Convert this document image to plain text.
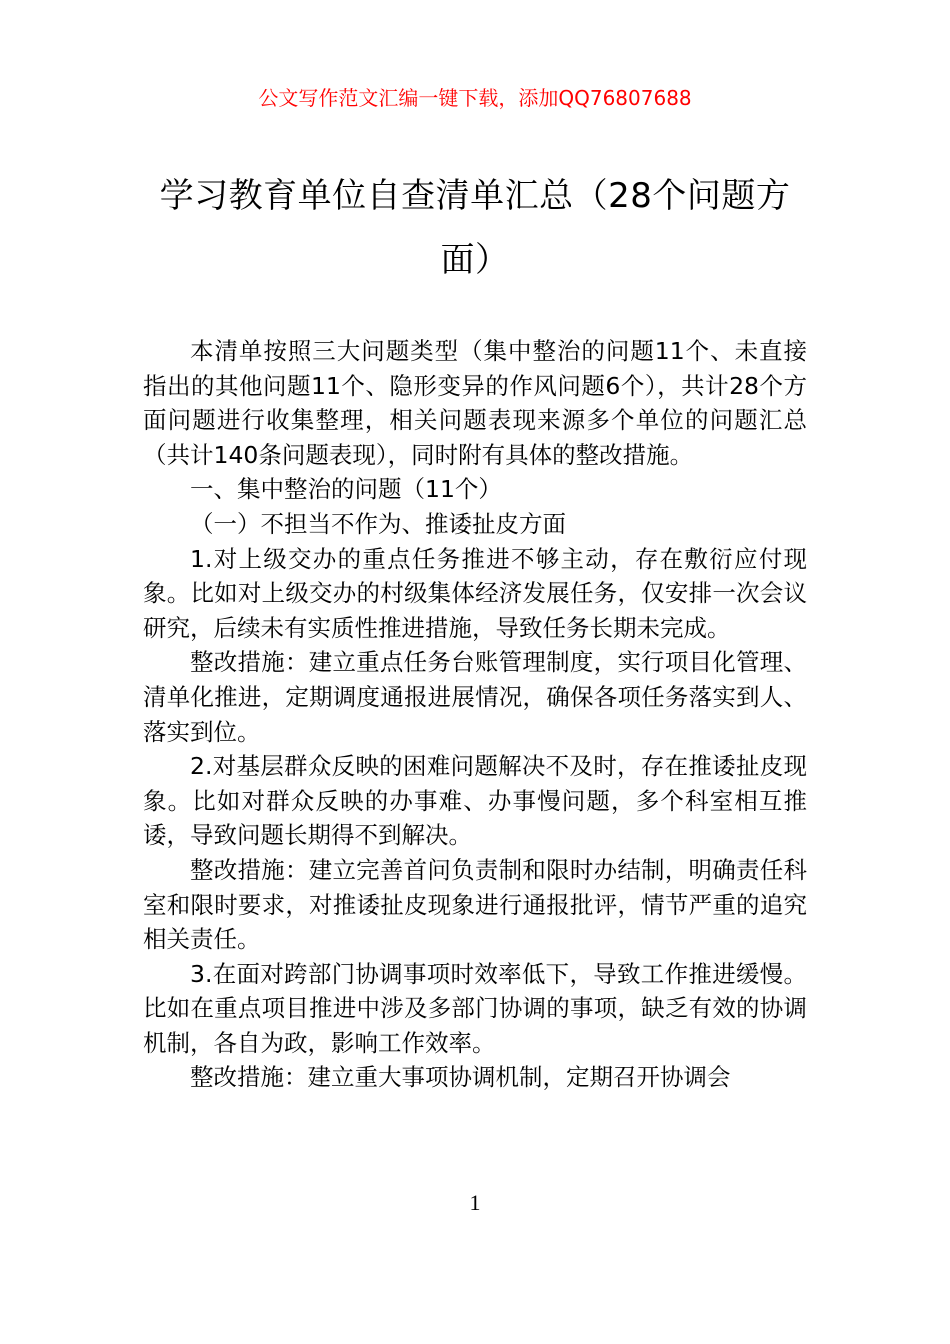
公文写作范文汇编一键下载，添加QQ76807688
学习教育单位自查清单汇总（28个问题方面）

本清单按照三大问题类型（集中整治的问题11个、未直接指出的其他问题11个、隐形变异的作风问题6个），共计28个方面问题进行收集整理，相关问题表现来源多个单位的问题汇总（共计140条问题表现），同时附有具体的整改措施。

一、集中整治的问题（11个）

（一）不担当不作为、推诿扯皮方面

1.对上级交办的重点任务推进不够主动，存在敷衍应付现象。比如对上级交办的村级集体经济发展任务，仅安排一次会议研究，后续未有实质性推进措施，导致任务长期未完成。

整改措施：建立重点任务台账管理制度，实行项目化管理、清单化推进，定期调度通报进展情况，确保各项任务落实到人、落实到位。

2.对基层群众反映的困难问题解决不及时，存在推诿扯皮现象。比如对群众反映的办事难、办事慢问题，多个科室相互推诿，导致问题长期得不到解决。

整改措施：建立完善首问负责制和限时办结制，明确责任科室和限时要求，对推诿扯皮现象进行通报批评，情节严重的追究相关责任。

3.在面对跨部门协调事项时效率低下，导致工作推进缓慢。比如在重点项目推进中涉及多部门协调的事项，缺乏有效的协调机制，各自为政，影响工作效率。

整改措施：建立重大事项协调机制，定期召开协调会

1
